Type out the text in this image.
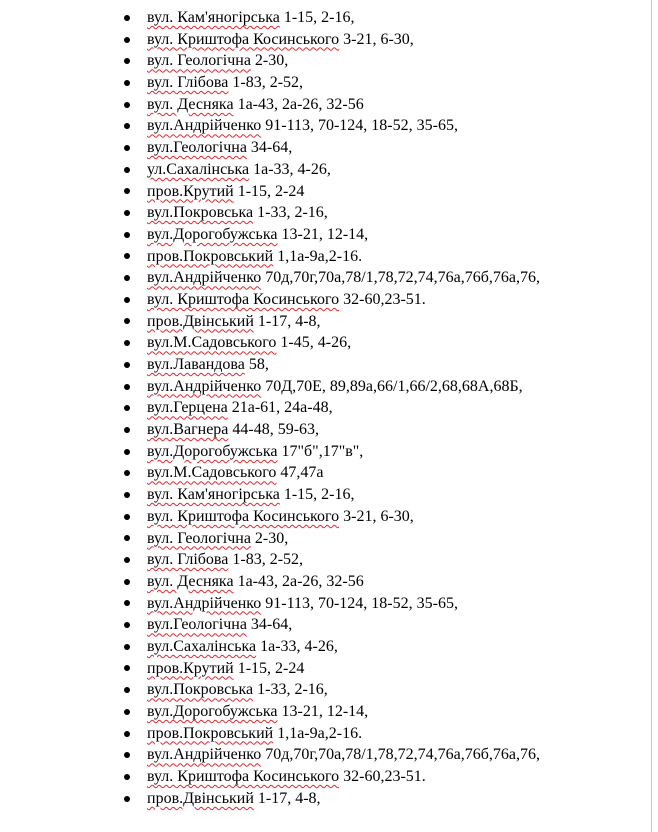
вул. Кам'яногірська 1-15, 2-16,
вул. Криштофа Косинського 3-21, 6-30,
вул. Геологічна 2-30,
вул. Глібова 1-83, 2-52,
вул. Десняка 1а-43, 2а-26, 32-56
вул.Андрійченко 91-113, 70-124, 18-52, 35-65,
вул.Геологічна 34-64,
ул.Сахалінська 1а-33, 4-26,
пров.Крутий 1-15, 2-24
вул.Покровська 1-33, 2-16,
вул.Дорогобужська 13-21, 12-14,
пров.Покровський 1,1а-9а,2-16.
вул.Андрійченко 70д,70г,70а,78/1,78,72,74,76а,76б,76а,76,
вул. Криштофа Косинського 32-60,23-51.
пров.Двінський 1-17, 4-8,
вул.М.Садовського 1-45, 4-26,
вул.Лавандова 58,
вул.Андрійченко 70Д,70Е, 89,89а,66/1,66/2,68,68А,68Б,
вул.Герцена 21а-61, 24а-48,
вул.Вагнера 44-48, 59-63,
вул.Дорогобужська 17"б",17"в",
вул.М.Садовського 47,47а
вул. Кам'яногірська 1-15, 2-16,
вул. Криштофа Косинського 3-21, 6-30,
вул. Геологічна 2-30,
вул. Глібова 1-83, 2-52,
вул. Десняка 1а-43, 2а-26, 32-56
вул.Андрійченко 91-113, 70-124, 18-52, 35-65,
вул.Геологічна 34-64,
вул.Сахалінська 1а-33, 4-26,
пров.Крутий 1-15, 2-24
вул.Покровська 1-33, 2-16,
вул.Дорогобужська 13-21, 12-14,
пров.Покровський 1,1а-9а,2-16.
вул.Андрійченко 70д,70г,70а,78/1,78,72,74,76а,76б,76а,76,
вул. Криштофа Косинського 32-60,23-51.
пров.Двінський 1-17, 4-8,
